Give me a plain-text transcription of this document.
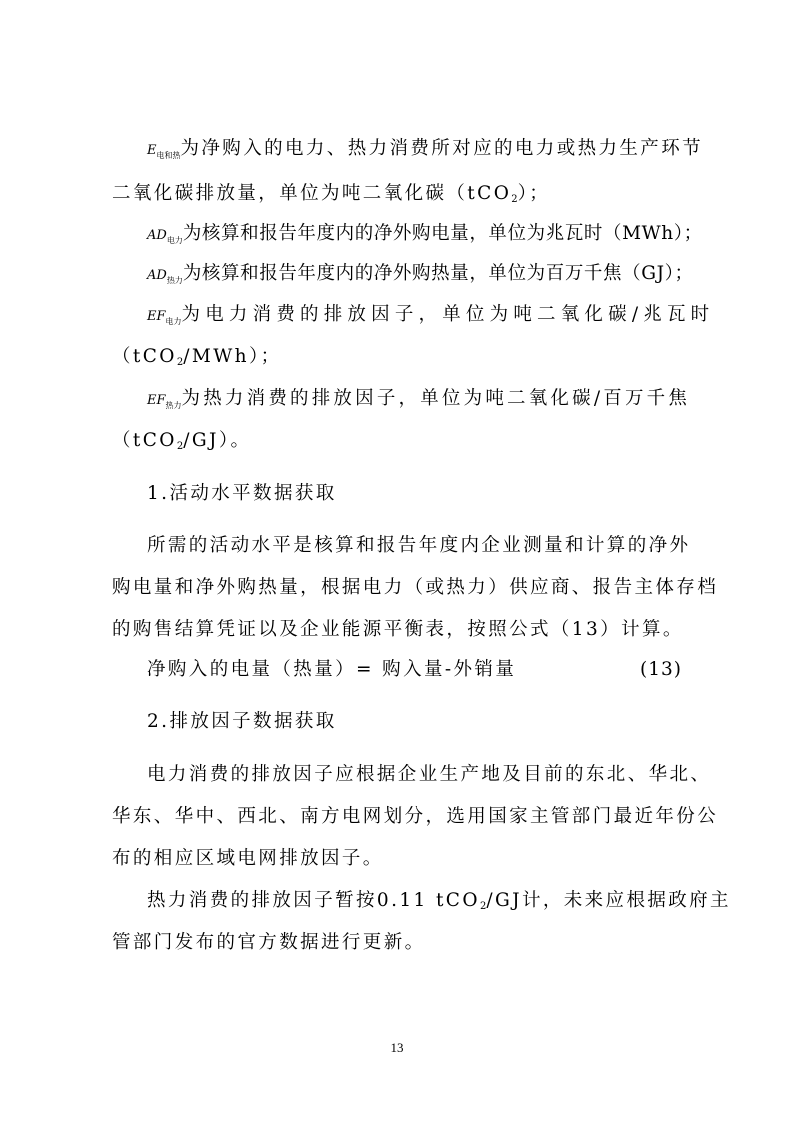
$E_{电和热}$为净购入的电力、热力消费所对应的电力或热力生产环节
二氧化碳排放量，单位为吨二氧化碳（tCO2）；
$AD_{电力}$为核算和报告年度内的净外购电量，单位为兆瓦时（MWh）；
$AD_{热力}$为核算和报告年度内的净外购热量，单位为百万千焦（GJ）；
$EF_{电力}$为电力消费的排放因子，单位为吨二氧化碳/兆瓦时
（tCO2/MWh）；
$EF_{热力}$为热力消费的排放因子，单位为吨二氧化碳/百万千焦
（tCO2/GJ）。
1.活动水平数据获取
所需的活动水平是核算和报告年度内企业测量和计算的净外
购电量和净外购热量，根据电力（或热力）供应商、报告主体存档
的购售结算凭证以及企业能源平衡表，按照公式（13）计算。
净购入的电量（热量）= 购入量-外销量	(13)
2.排放因子数据获取
电力消费的排放因子应根据企业生产地及目前的东北、华北、
华东、华中、西北、南方电网划分，选用国家主管部门最近年份公
布的相应区域电网排放因子。
热力消费的排放因子暂按0.11 tCO2/GJ计，未来应根据政府主
管部门发布的官方数据进行更新。
13
